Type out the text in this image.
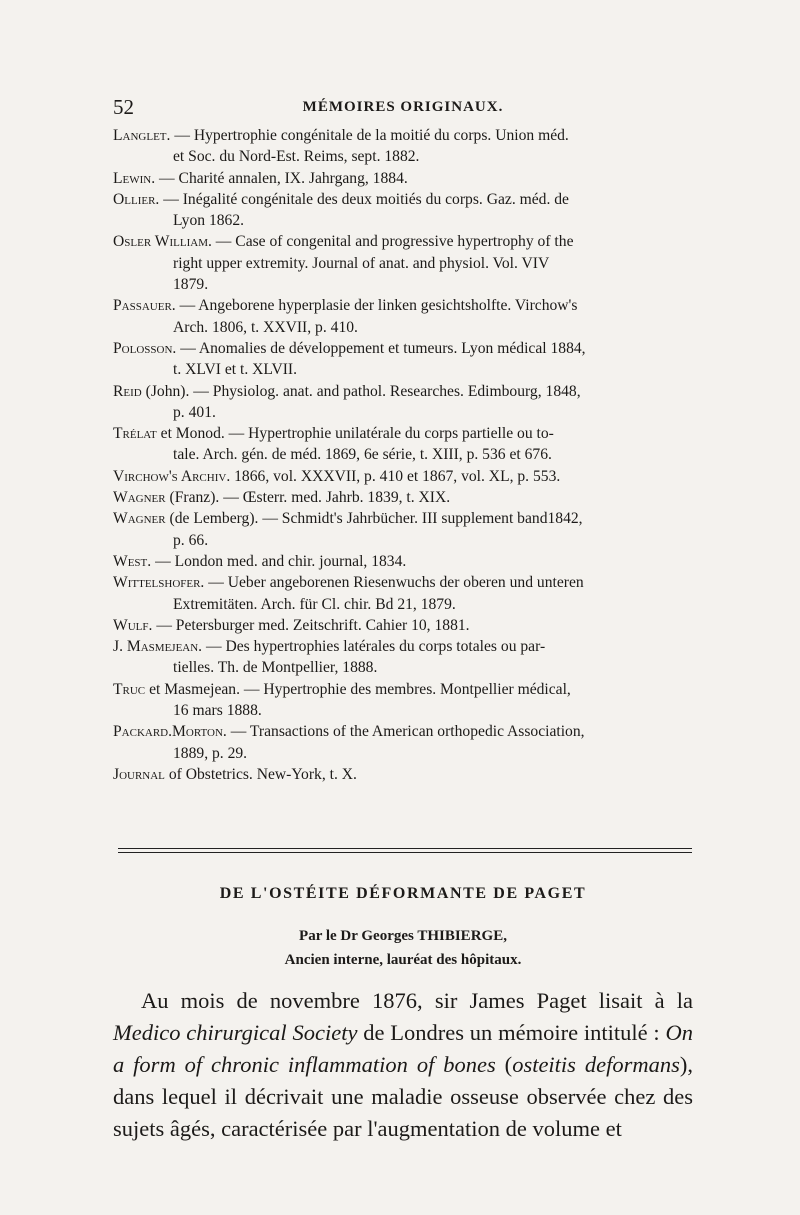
52	MÉMOIRES ORIGINAUX.

Langlet. — Hypertrophie congénitale de la moitié du corps. Union méd.
et Soc. du Nord-Est. Reims, sept. 1882.

Lewin. — Charité annalen, IX. Jahrgang, 1884.

Ollier. — Inégalité congénitale des deux moitiés du corps. Gaz. méd. de
Lyon 1862.

Osler William. — Case of congenital and progressive hypertrophy of the
right upper extremity. Journal of anat. and physiol. Vol. VIV
1879.

Passauer. — Angeborene hyperplasie der linken gesichtsholfte. Virchow's
Arch. 1806, t. XXVII, p. 410.

Polosson. — Anomalies de développement et tumeurs. Lyon médical 1884,
t. XLVI et t. XLVII.

Reid (John). — Physiolog. anat. and pathol. Researches. Edimbourg, 1848,
p. 401.

Trélat et Monod. — Hypertrophie unilatérale du corps partielle ou to-
tale. Arch. gén. de méd. 1869, 6e série, t. XIII, p. 536 et 676.

Virchow's Archiv. 1866, vol. XXXVII, p. 410 et 1867, vol. XL, p. 553.

Wagner (Franz). — Œsterr. med. Jahrb. 1839, t. XIX.

Wagner (de Lemberg). — Schmidt's Jahrbücher. III supplement band1842,
p. 66.

West. — London med. and chir. journal, 1834.

Wittelshofer. — Ueber angeborenen Riesenwuchs der oberen und unteren
Extremitäten. Arch. für Cl. chir. Bd 21, 1879.

Wulf. — Petersburger med. Zeitschrift. Cahier 10, 1881.

J. Masmejean. — Des hypertrophies latérales du corps totales ou par-
tielles. Th. de Montpellier, 1888.

Truc et Masmejean. — Hypertrophie des membres. Montpellier médical,
16 mars 1888.

Packard.Morton. — Transactions of the American orthopedic Association,
1889, p. 29.

Journal of Obstetrics. New-York, t. X.

DE L'OSTÉITE DÉFORMANTE DE PAGET
Par le Dr Georges THIBIERGE,
Ancien interne, lauréat des hôpitaux.

Au mois de novembre 1876, sir James Paget lisait à la Medico chirurgical Society de Londres un mémoire intitulé : On a form of chronic inflammation of bones (osteitis deformans), dans lequel il décrivait une maladie osseuse observée chez des sujets âgés, caractérisée par l'augmentation de volume et
